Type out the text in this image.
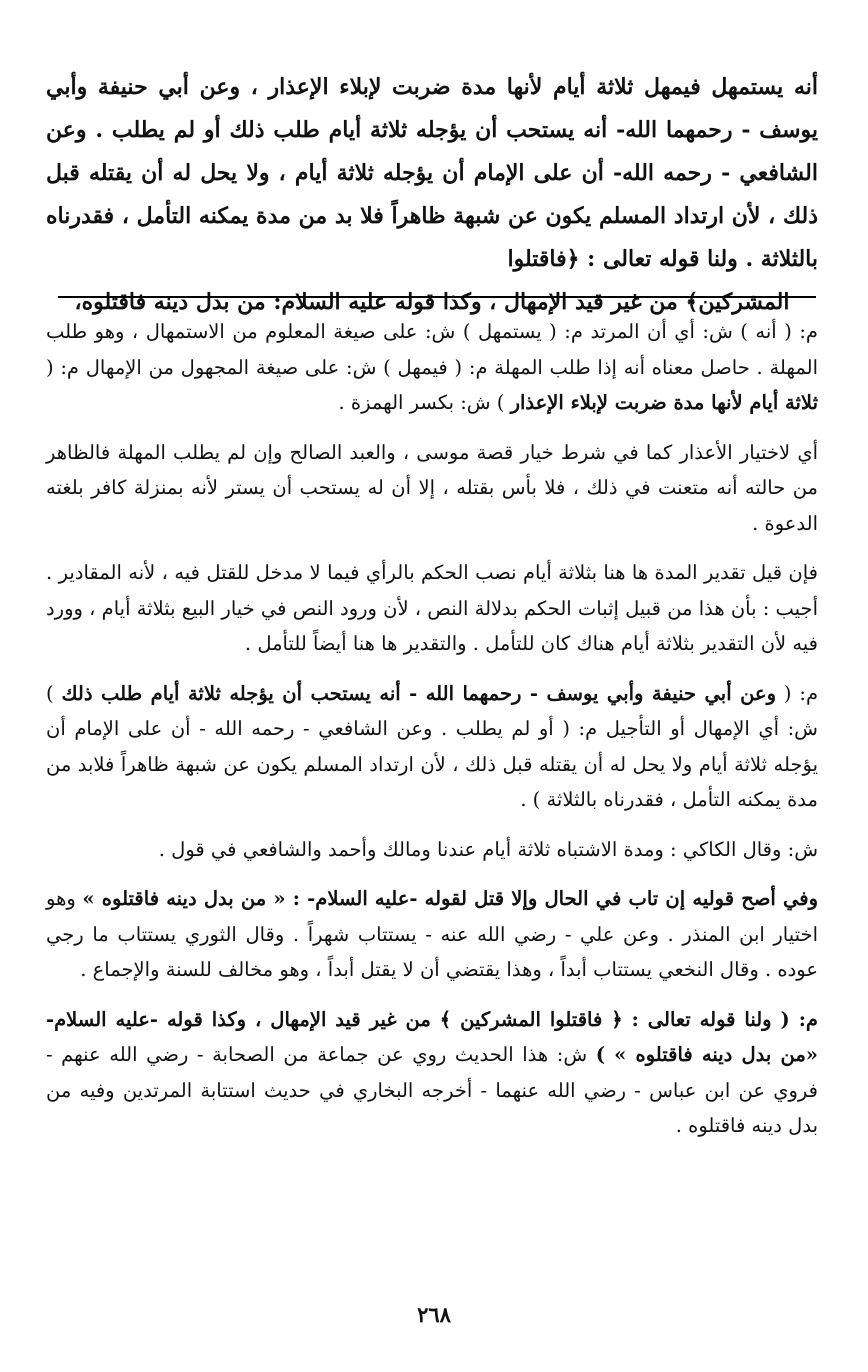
أنه يستمهل فيمهل ثلاثة أيام لأنها مدة ضربت لإبلاء الإعذار ، وعن أبي حنيفة وأبي يوسف - رحمهما الله- أنه يستحب أن يؤجله ثلاثة أيام طلب ذلك أو لم يطلب . وعن الشافعي - رحمه الله- أن على الإمام أن يؤجله ثلاثة أيام ، ولا يحل له أن يقتله قبل ذلك ، لأن ارتداد المسلم يكون عن شبهة ظاهراً فلا بد من مدة يمكنه التأمل ، فقدرناه بالثلاثة . ولنا قوله تعالى : ﴿فاقتلوا

المشركين﴾ من غير قيد الإمهال ، وكذا قوله عليه السلام: من بدل دينه فاقتلوه،

م: ( أنه ) ش: أي أن المرتد م: ( يستمهل ) ش: على صيغة المعلوم من الاستمهال ، وهو طلب المهلة . حاصل معناه أنه إذا طلب المهلة م: ( فيمهل ) ش: على صيغة المجهول من الإمهال م: ( ثلاثة أيام لأنها مدة ضربت لإبلاء الإعذار ) ش: بكسر الهمزة .

أي لاختيار الأعذار كما في شرط خيار قصة موسى ، والعبد الصالح وإن لم يطلب المهلة فالظاهر من حالته أنه متعنت في ذلك ، فلا بأس بقتله ، إلا أن له يستحب أن يستر لأنه بمنزلة كافر بلغته الدعوة .

فإن قيل تقدير المدة ها هنا بثلاثة أيام نصب الحكم بالرأي فيما لا مدخل للقتل فيه ، لأنه المقادير . أجيب : بأن هذا من قبيل إثبات الحكم بدلالة النص ، لأن ورود النص في خيار البيع بثلاثة أيام ، وورد فيه لأن التقدير بثلاثة أيام هناك كان للتأمل . والتقدير ها هنا أيضاً للتأمل .

م: ( وعن أبي حنيفة وأبي يوسف - رحمهما الله - أنه يستحب أن يؤجله ثلاثة أيام طلب ذلك ) ش: أي الإمهال أو التأجيل م: ( أو لم يطلب . وعن الشافعي - رحمه الله - أن على الإمام أن يؤجله ثلاثة أيام ولا يحل له أن يقتله قبل ذلك ، لأن ارتداد المسلم يكون عن شبهة ظاهراً فلابد من مدة يمكنه التأمل ، فقدرناه بالثلاثة ) .

ش: وقال الكاكي : ومدة الاشتباه ثلاثة أيام عندنا ومالك وأحمد والشافعي في قول .

وفي أصح قوليه إن تاب في الحال وإلا قتل لقوله -عليه السلام- : « من بدل دينه فاقتلوه » وهو اختيار ابن المنذر . وعن علي - رضي الله عنه - يستتاب شهراً . وقال الثوري يستتاب ما رجي عوده . وقال النخعي يستتاب أبداً ، وهذا يقتضي أن لا يقتل أبداً ، وهو مخالف للسنة والإجماع .

م: ( ولنا قوله تعالى : ﴿ فاقتلوا المشركين ﴾ من غير قيد الإمهال ، وكذا قوله -عليه السلام- «من بدل دينه فاقتلوه » ) ش: هذا الحديث روي عن جماعة من الصحابة - رضي الله عنهم - فروي عن ابن عباس - رضي الله عنهما - أخرجه البخاري في حديث استتابة المرتدين وفيه من بدل دينه فاقتلوه .

٢٦٨
